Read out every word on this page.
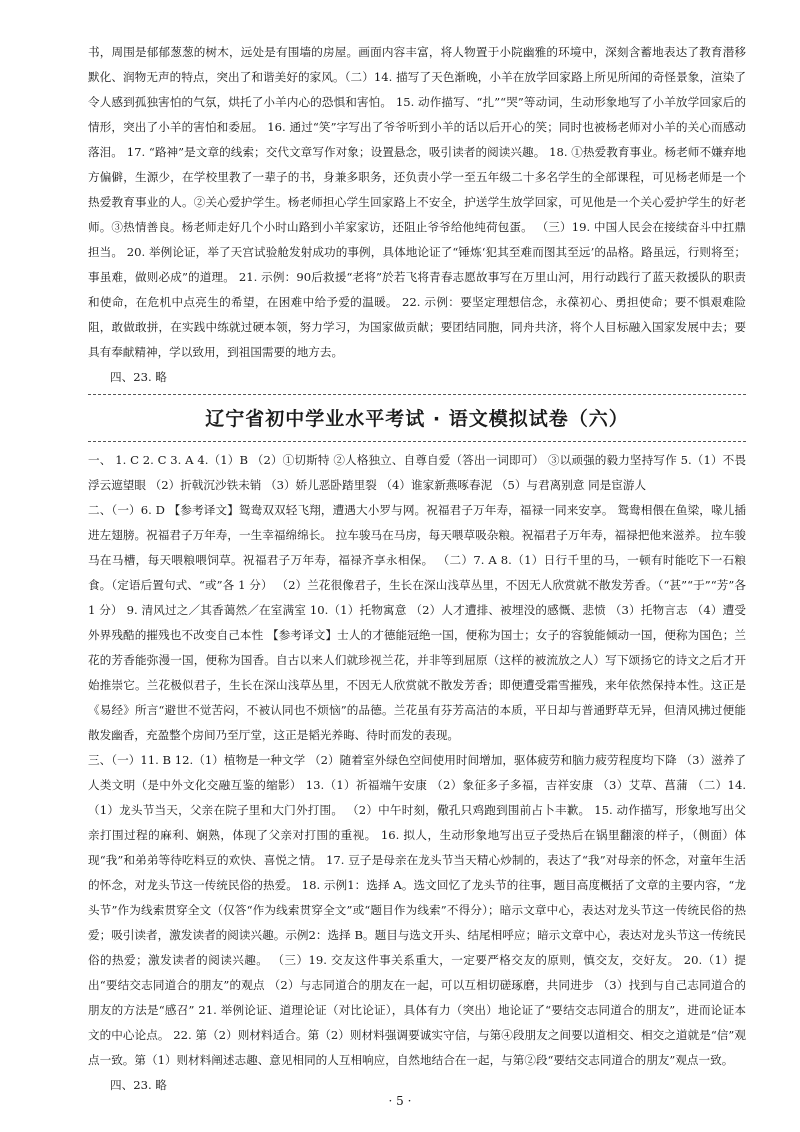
书，周围是郁郁葱葱的树木，远处是有围墙的房屋。画面内容丰富，将人物置于小院幽雅的环境中，深刻含蓄地表达了教育潜移默化、润物无声的特点，突出了和谐美好的家风。（二）14. 描写了天色渐晚，小羊在放学回家路上所见所闻的奇怪景象，渲染了令人感到孤独害怕的气氛，烘托了小羊内心的恐惧和害怕。 15. 动作描写、“扎”“哭”等动词，生动形象地写了小羊放学回家后的情形，突出了小羊的害怕和委屈。 16. 通过“笑”字写出了爷爷听到小羊的话以后开心的笑；同时也被杨老师对小羊的关心而感动落泪。 17. “路神”是文章的线索；交代文章写作对象；设置悬念，吸引读者的阅读兴趣。 18. ①热爱教育事业。杨老师不嫌弃地方偏僻，生源少，在学校里教了一辈子的书，身兼多职务，还负责小学一至五年级二十多名学生的全部课程，可见杨老师是一个热爱教育事业的人。②关心爱护学生。杨老师担心学生回家路上不安全，护送学生放学回家，可见他是一个关心爱护学生的好老师。③热情善良。杨老师走好几个小时山路到小羊家家访，还阻止爷爷给他纯荷包蛋。 （三）19. 中国人民会在接续奋斗中扛鼎担当。 20. 举例论证，举了天宫试验舱发射成功的事例，具体地论证了“锤炼‘犯其至难而图其至远’的品格。路虽远，行则将至；事虽难，做则必成”的道理。 21. 示例：90后救援“老将”於若飞将青春志愿故事写在万里山河，用行动践行了蓝天救援队的职责和使命，在危机中点亮生的希望，在困难中给予爱的温暖。 22. 示例：要坚定理想信念，永葆初心、勇担使命；要不惧艰难险阻，敢做敢拼，在实践中练就过硬本领，努力学习，为国家做贡献；要团结同胞，同舟共济，将个人目标融入国家发展中去；要具有奉献精神，学以致用，到祖国需要的地方去。

四、23. 略

辽宁省初中学业水平考试 · 语文模拟试卷（六）

一、 1. C 2. C 3. A 4.（1）B （2）①切斯特 ②人格独立、自尊自爱（答出一词即可） ③以顽强的毅力坚持写作 5.（1）不畏浮云遮望眼 （2）折戟沉沙铁未销 （3）娇儿恶卧踏里裂 （4）谁家新燕啄春泥 （5）与君离别意 同是宦游人

二、（一）6. D 【参考译文】鸳鸯双双轻飞翔，遭遇大小罗与网。祝福君子万年寿，福禄一同来安享。 鸳鸯相偎在鱼梁，喙儿插进左翅膀。祝福君子万年寿，一生幸福绵绵长。 拉车骏马在马房，每天喂草吸杂粮。祝福君子万年寿，福禄把他来滋养。 拉车骏马在马槽，每天喂粮喂饲草。祝福君子万年寿，福禄齐享永相保。 （二）7. A 8.（1）日行千里的马，一顿有时能吃下一石粮食。（定语后置句式、“或”各 1 分） （2）兰花很像君子，生长在深山浅草丛里，不因无人欣赏就不散发芳香。（“甚”“于”“芳”各 1 分） 9. 清风过之／其香蔼然／在室满室 10.（1）托物寓意 （2）人才遭排、被埋没的感慨、悲愤 （3）托物言志 （4）遭受外界残酷的摧残也不改变自己本性 【参考译文】士人的才德能冠绝一国，便称为国士；女子的容貌能倾动一国，便称为国色；兰花的芳香能弥漫一国，便称为国香。自古以来人们就珍视兰花，并非等到屈原（这样的被流放之人）写下颂扬它的诗文之后才开始推崇它。兰花极似君子，生长在深山浅草丛里，不因无人欣赏就不散发芳香；即便遭受霜雪摧残，来年依然保持本性。这正是《易经》所言“避世不觉苦闷，不被认同也不烦恼”的品德。兰花虽有芬芳高洁的本质，平日却与普通野草无异，但清风拂过便能散发幽香，充盈整个房间乃至厅堂，这正是韬光养晦、待时而发的表现。

三、（一）11. B 12.（1）植物是一种文学 （2）随着室外绿色空间使用时间增加，驱体疲劳和脑力疲劳程度均下降 （3）滋养了人类文明（是中外文化交融互鉴的缩影） 13.（1）祈福端午安康 （2）象征多子多福，吉祥安康 （3）艾草、菖蒲 （二）14.（1）龙头节当天，父亲在院子里和大门外打围。 （2）中午时刻，儆孔只鸡跑到围前占卜丰歉。 15. 动作描写，形象地写出父亲打围过程的麻利、娴熟，体现了父亲对打围的重视。 16. 拟人，生动形象地写出豆子受热后在锅里翻滚的样子，（侧面）体现“我”和弟弟等待吃料豆的欢快、喜悦之情。 17. 豆子是母亲在龙头节当天精心炒制的，表达了“我”对母亲的怀念，对童年生活的怀念，对龙头节这一传统民俗的热爱。 18. 示例1：选择 A。选文回忆了龙头节的往事，题目高度概括了文章的主要内容，“龙头节”作为线索贯穿全文（仅答“作为线索贯穿全文”或“题目作为线索”不得分）；暗示文章中心，表达对龙头节这一传统民俗的热爱；吸引读者，激发读者的阅读兴趣。示例2：选择 B。题目与选文开头、结尾相呼应；暗示文章中心，表达对龙头节这一传统民俗的热爱；激发读者的阅读兴趣。 （三）19. 交友这件事关系重大，一定要严格交友的原则，慎交友，交好友。 20.（1）提出“要结交志同道合的朋友”的观点 （2）与志同道合的朋友在一起，可以互相切磋琢磨，共同进步 （3）找到与自己志同道合的朋友的方法是“感召” 21. 举例论证、道理论证（对比论证），具体有力（突出）地论证了“要结交志同道合的朋友”，进而论证本文的中心论点。 22. 第（2）则材料适合。第（2）则材料强调要诚实守信，与第④段朋友之间要以道相交、相交之道就是“信”观点一致。第（1）则材料阐述志趣、意见相同的人互相响应，自然地结合在一起，与第②段“要结交志同道合的朋友”观点一致。

四、23. 略

· 5 ·
